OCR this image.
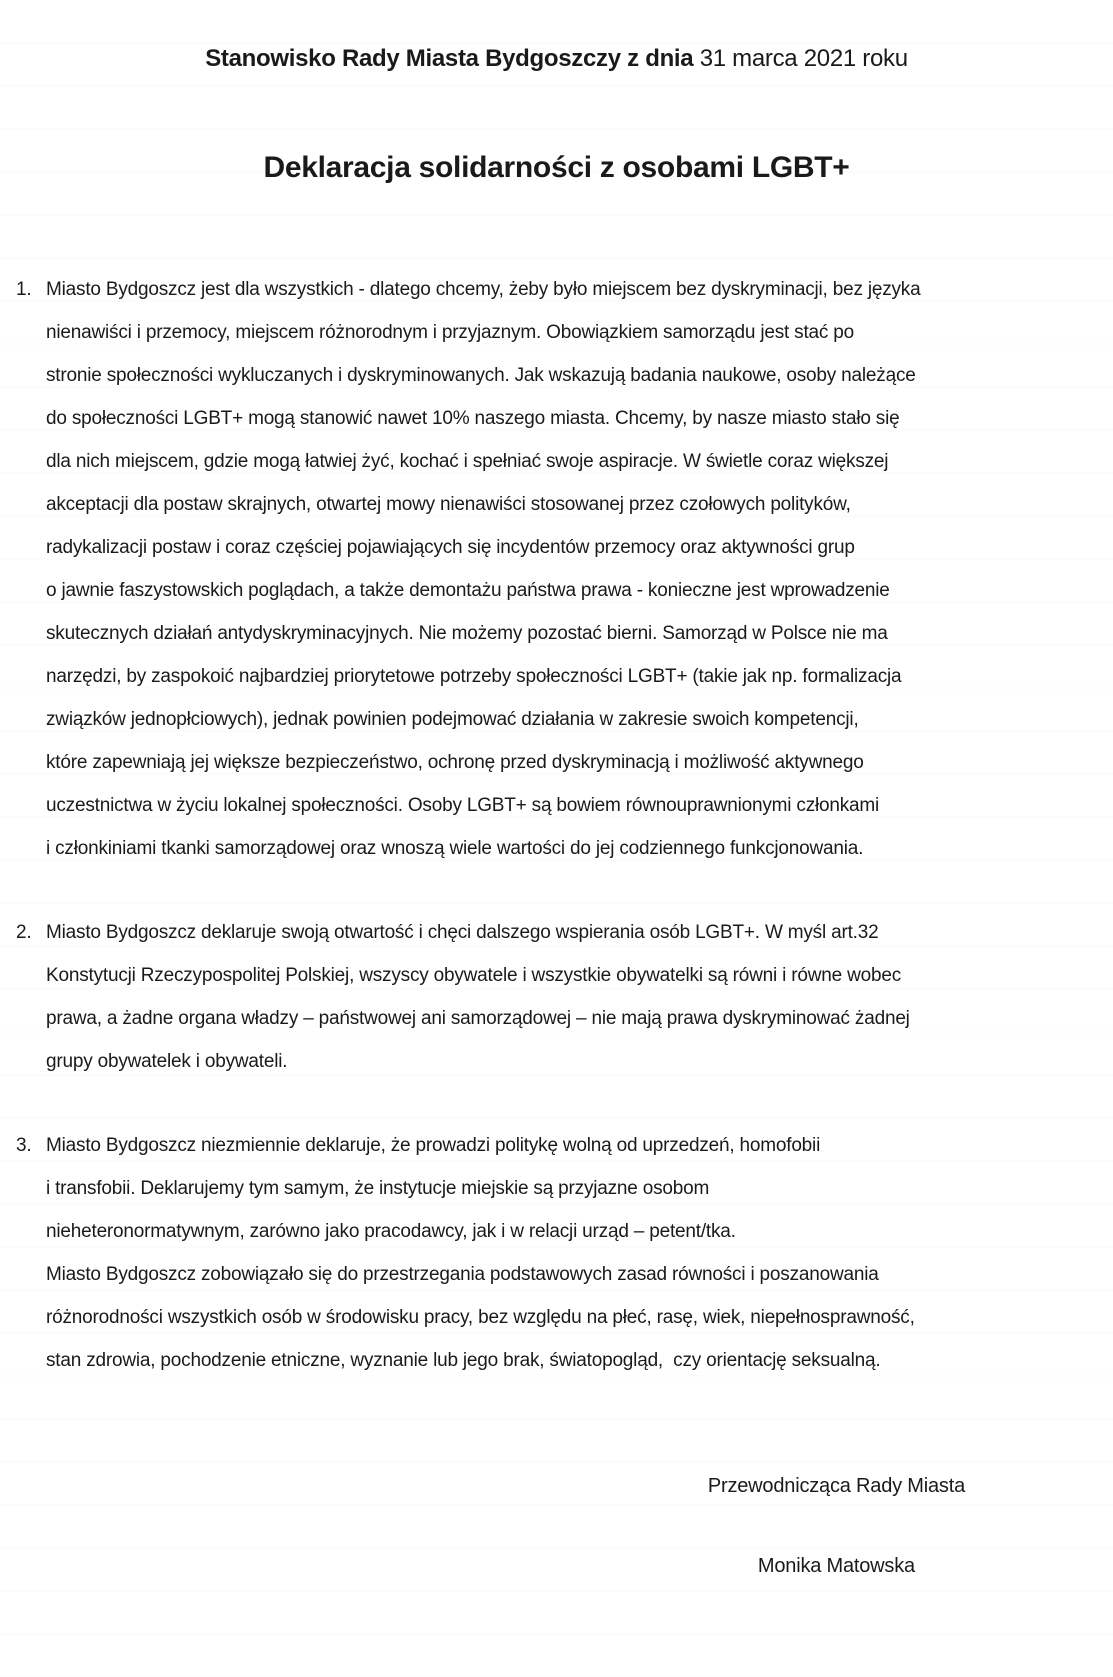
Stanowisko Rady Miasta Bydgoszczy z dnia 31 marca 2021 roku
Deklaracja solidarności z osobami LGBT+
1. Miasto Bydgoszcz jest dla wszystkich - dlatego chcemy, żeby było miejscem bez dyskryminacji, bez języka
nienawiści i przemocy, miejscem różnorodnym i przyjaznym. Obowiązkiem samorządu jest stać po
stronie społeczności wykluczanych i dyskryminowanych. Jak wskazują badania naukowe, osoby należące
do społeczności LGBT+ mogą stanowić nawet 10% naszego miasta. Chcemy, by nasze miasto stało się
dla nich miejscem, gdzie mogą łatwiej żyć, kochać i spełniać swoje aspiracje. W świetle coraz większej
akceptacji dla postaw skrajnych, otwartej mowy nienawiści stosowanej przez czołowych polityków,
radykalizacji postaw i coraz częściej pojawiających się incydentów przemocy oraz aktywności grup
o jawnie faszystowskich poglądach, a także demontażu państwa prawa - konieczne jest wprowadzenie
skutecznych działań antydyskryminacyjnych. Nie możemy pozostać bierni. Samorząd w Polsce nie ma
narzędzi, by zaspokoić najbardziej priorytetowe potrzeby społeczności LGBT+ (takie jak np. formalizacja
związków jednopłciowych), jednak powinien podejmować działania w zakresie swoich kompetencji,
które zapewniają jej większe bezpieczeństwo, ochronę przed dyskryminacją i możliwość aktywnego
uczestnictwa w życiu lokalnej społeczności. Osoby LGBT+ są bowiem równouprawnionymi członkami
i członkiniami tkanki samorządowej oraz wnoszą wiele wartości do jej codziennego funkcjonowania.
2. Miasto Bydgoszcz deklaruje swoją otwartość i chęci dalszego wspierania osób LGBT+. W myśl art.32
Konstytucji Rzeczypospolitej Polskiej, wszyscy obywatele i wszystkie obywatelki są równi i równe wobec
prawa, a żadne organa władzy – państwowej ani samorządowej – nie mają prawa dyskryminować żadnej
grupy obywatelek i obywateli.
3. Miasto Bydgoszcz niezmiennie deklaruje, że prowadzi politykę wolną od uprzedzeń, homofobii
i transfobii. Deklarujemy tym samym, że instytucje miejskie są przyjazne osobom
nieheteronormatywnym, zarówno jako pracodawcy, jak i w relacji urząd – petent/tka.
Miasto Bydgoszcz zobowiązało się do przestrzegania podstawowych zasad równości i poszanowania
różnorodności wszystkich osób w środowisku pracy, bez względu na płeć, rasę, wiek, niepełnosprawność,
stan zdrowia, pochodzenie etniczne, wyznanie lub jego brak, światopogląd,  czy orientację seksualną.
Przewodnicząca Rady Miasta
Monika Matowska
